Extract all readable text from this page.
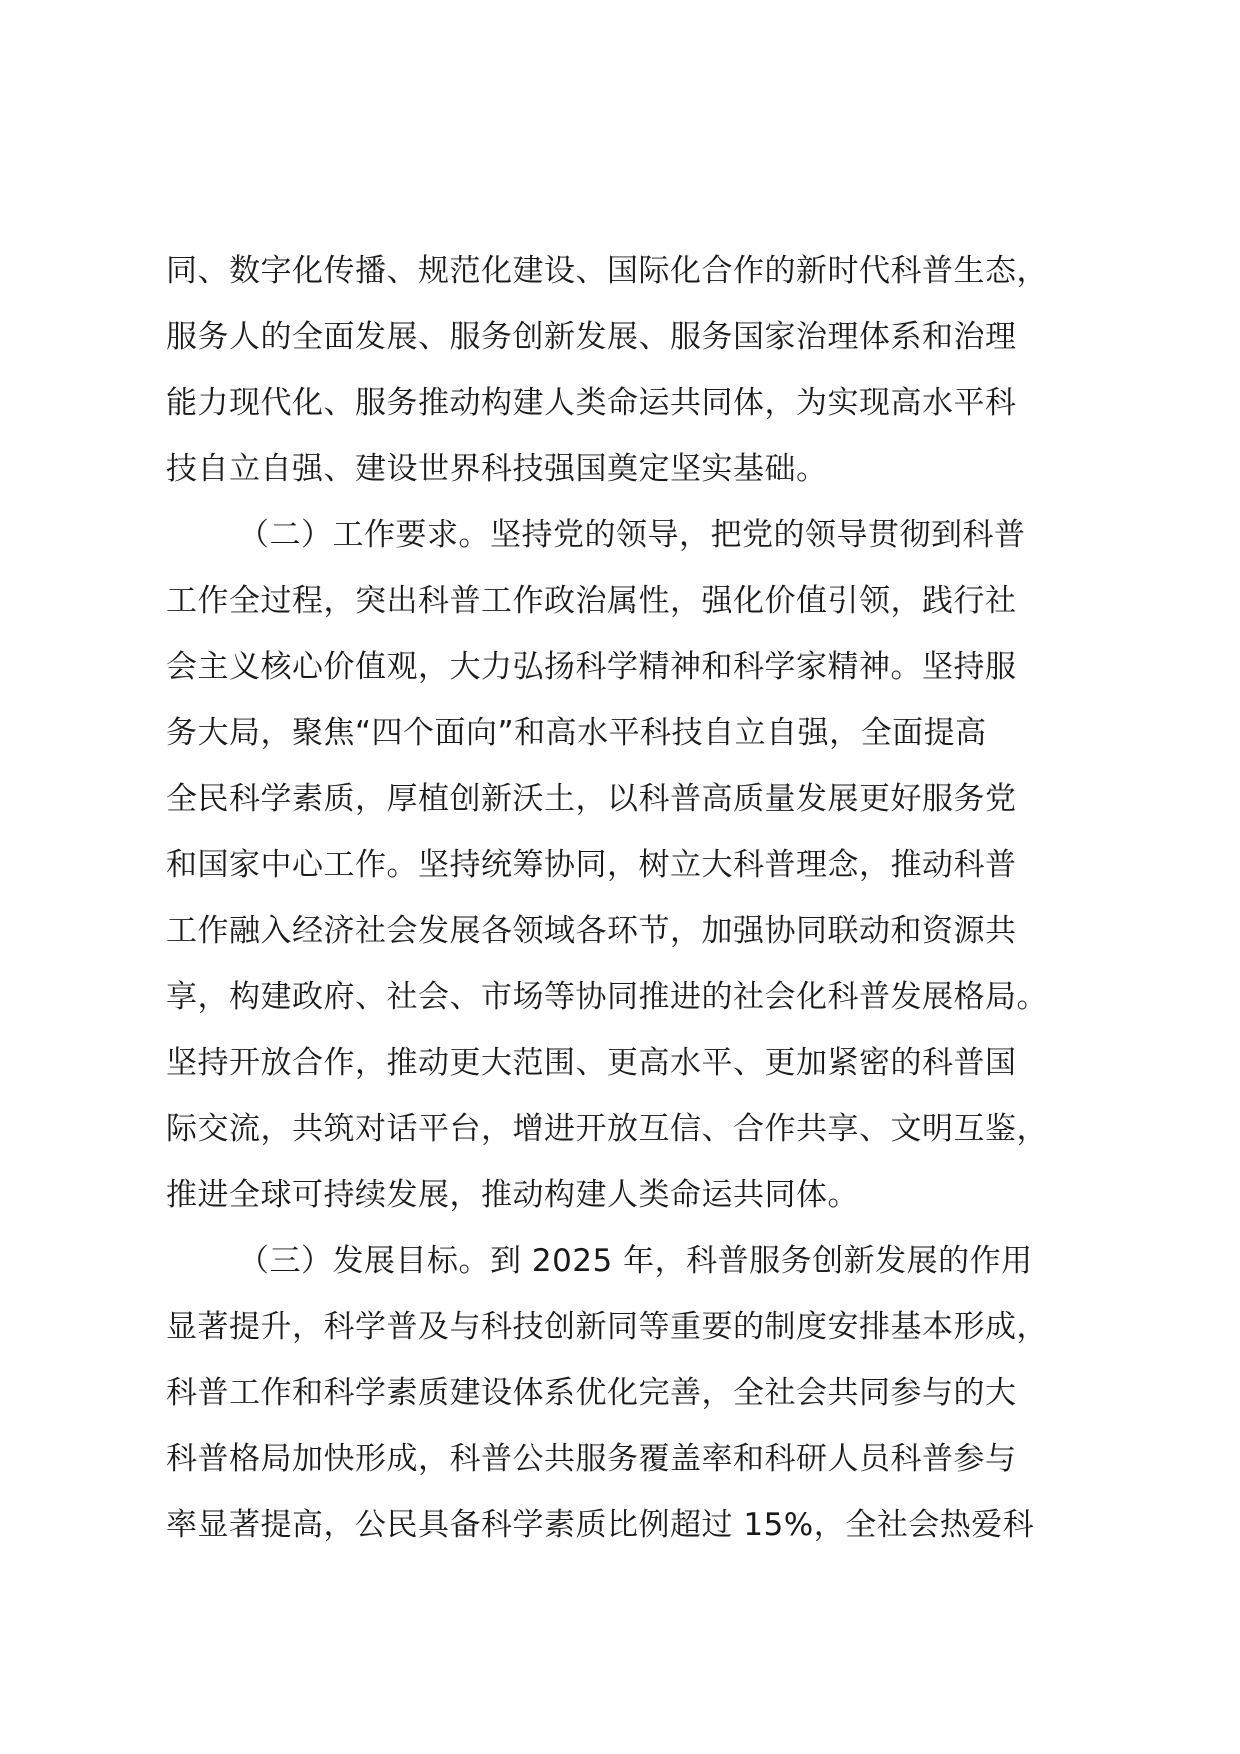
同、数字化传播、规范化建设、国际化合作的新时代科普生态，
服务人的全面发展、服务创新发展、服务国家治理体系和治理
能力现代化、服务推动构建人类命运共同体，为实现高水平科
技自立自强、建设世界科技强国奠定坚实基础。
（二）工作要求。坚持党的领导，把党的领导贯彻到科普
工作全过程，突出科普工作政治属性，强化价值引领，践行社
会主义核心价值观，大力弘扬科学精神和科学家精神。坚持服
务大局，聚焦“四个面向”和高水平科技自立自强，全面提高
全民科学素质，厚植创新沃土，以科普高质量发展更好服务党
和国家中心工作。坚持统筹协同，树立大科普理念，推动科普
工作融入经济社会发展各领域各环节，加强协同联动和资源共
享，构建政府、社会、市场等协同推进的社会化科普发展格局。
坚持开放合作，推动更大范围、更高水平、更加紧密的科普国
际交流，共筑对话平台，增进开放互信、合作共享、文明互鉴，
推进全球可持续发展，推动构建人类命运共同体。
（三）发展目标。到 2025 年，科普服务创新发展的作用
显著提升，科学普及与科技创新同等重要的制度安排基本形成，
科普工作和科学素质建设体系优化完善，全社会共同参与的大
科普格局加快形成，科普公共服务覆盖率和科研人员科普参与
率显著提高，公民具备科学素质比例超过 15%，全社会热爱科
